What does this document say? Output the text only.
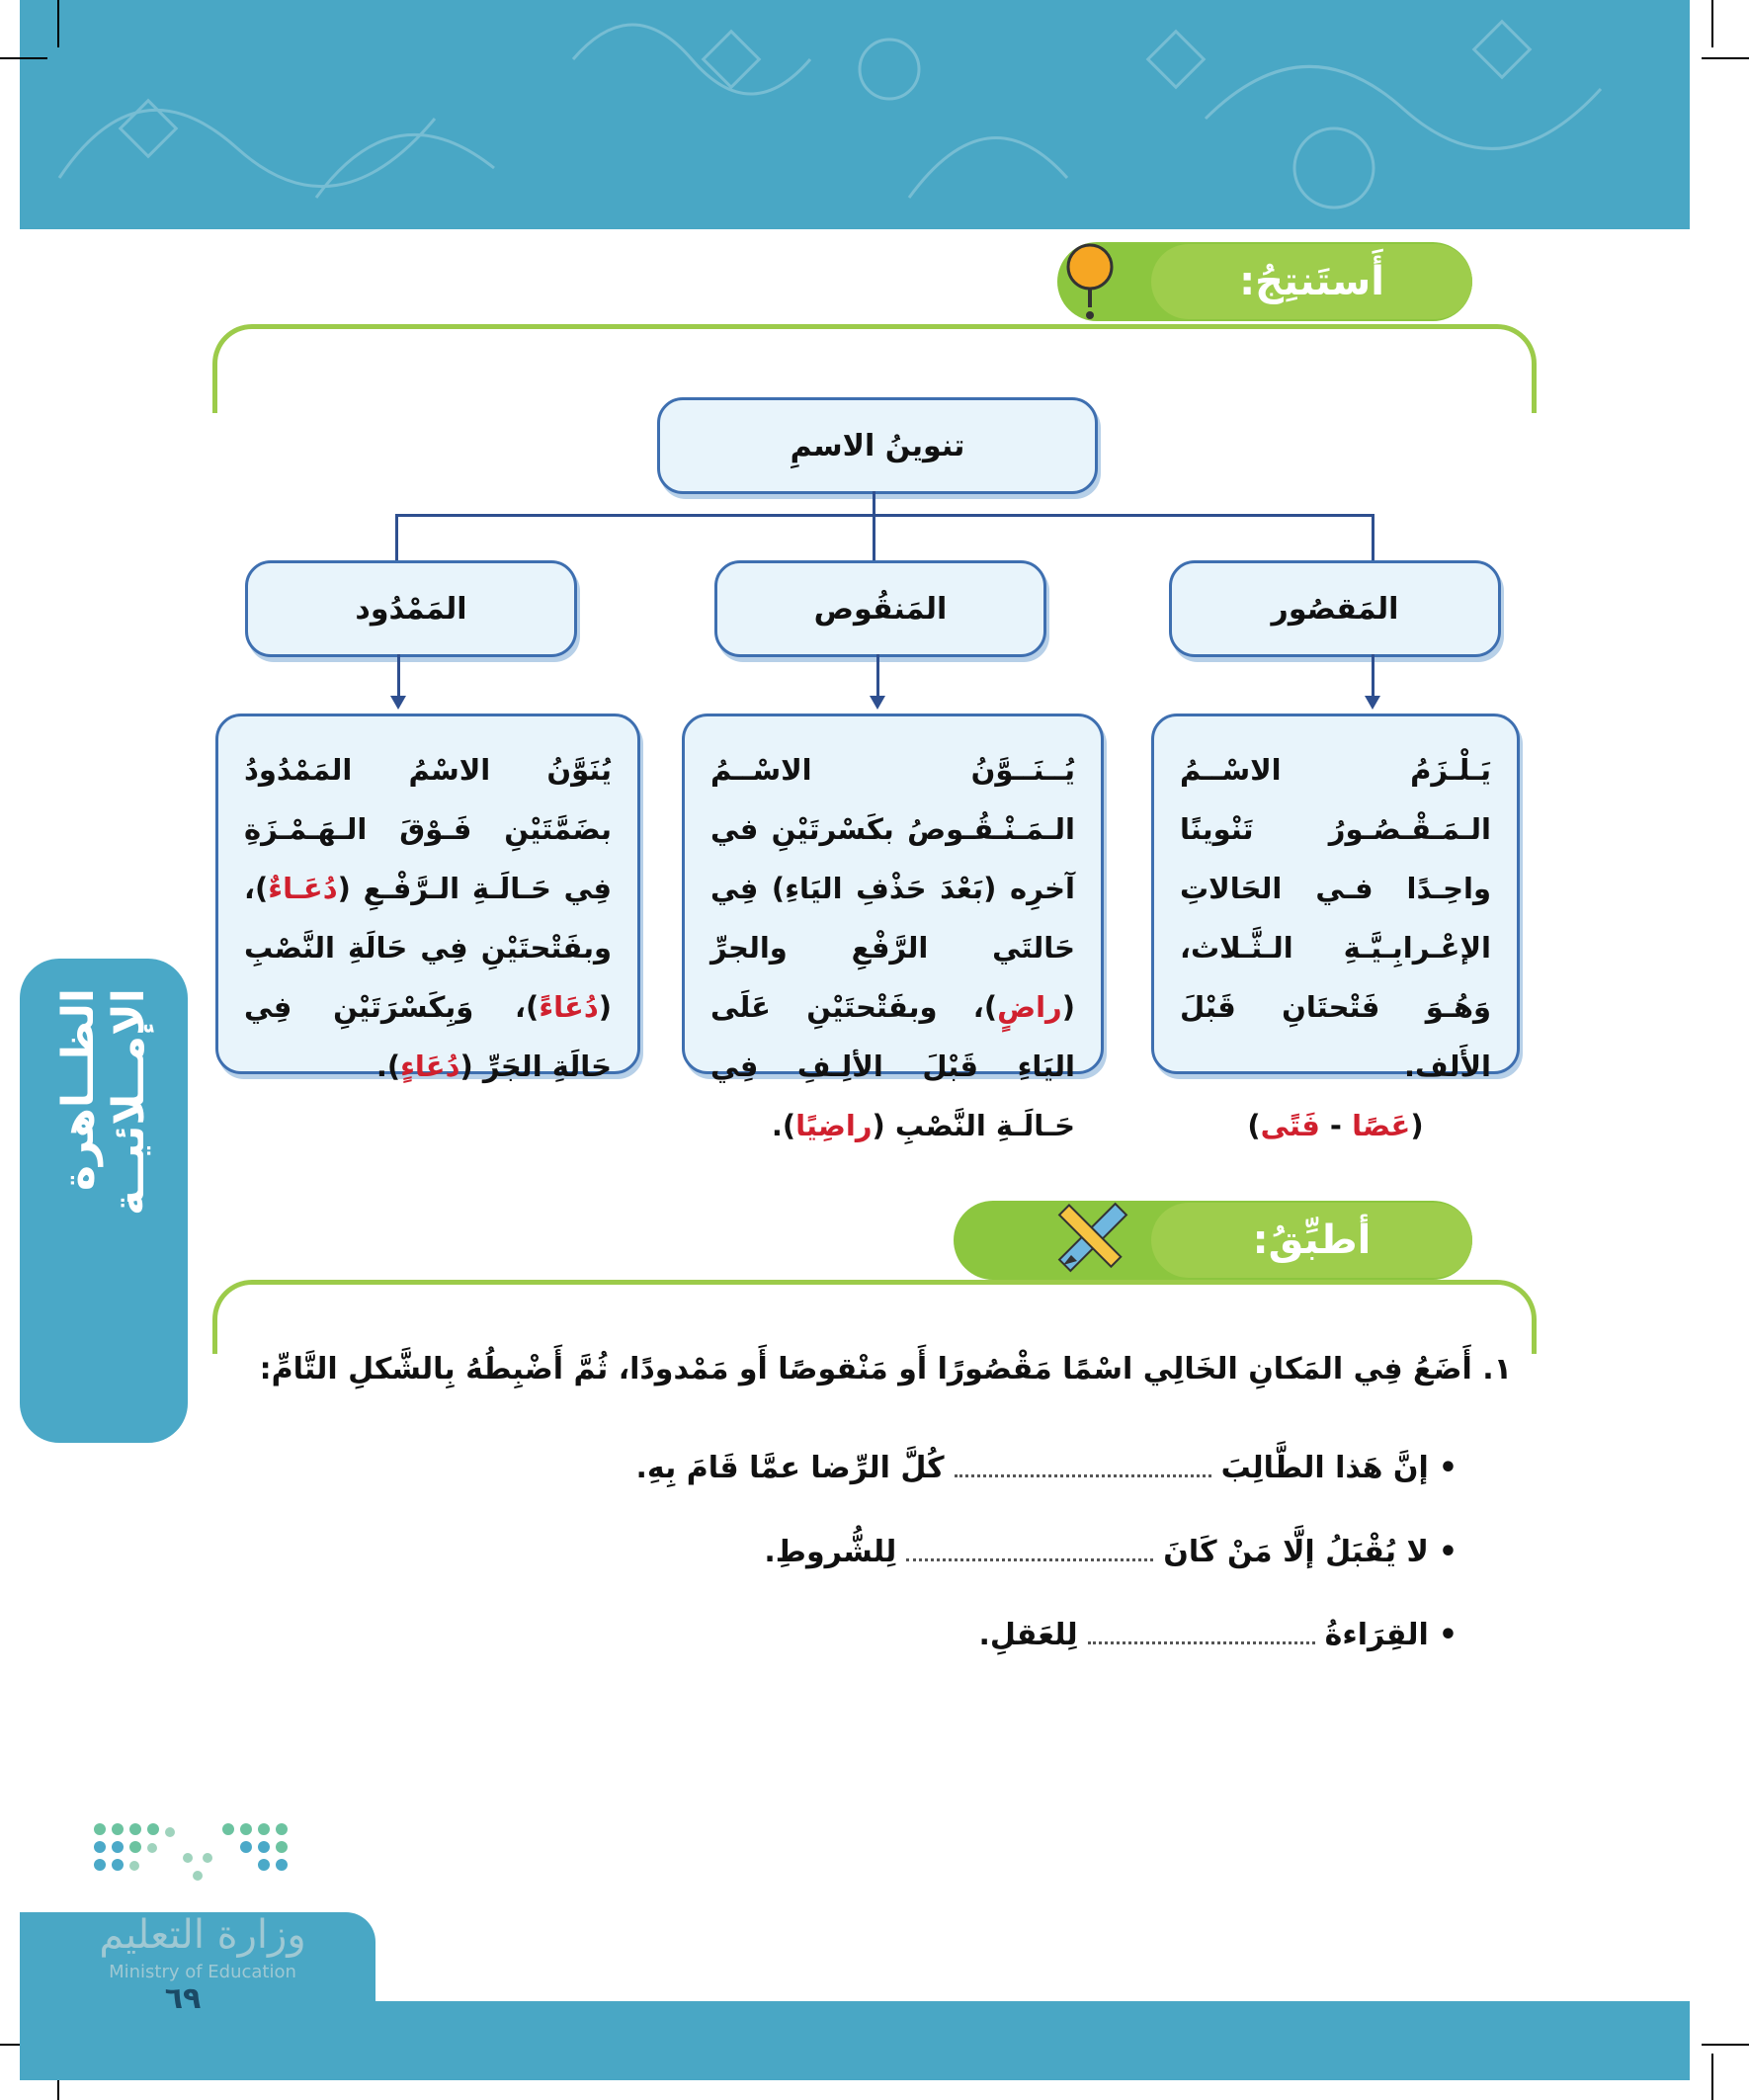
الظــاهرة الإمــلائيــة
أَستَنتِجُ:
تنوينُ الاسمِ
المَقصُور
المَنقُوص
المَمْدُود
يَـلْـزَمُ الاسْــمُ الـمَـقْـصُـورُ تَنْوينًا واحِـدًا فـي الحَالاتِ الإعْـرابِـيَّـةِ الـثَّـلاث، وَهُـوَ فَتْحتَانِ قَبْلَ الأَلف.
(عَصًا - فَتًى)
يُــنَــوَّنُ الاسْــمُ الـمَـنْـقُـوصُ بكَسْرتَيْنِ في آخرِه (بَعْدَ حَذْفِ اليَاءِ) فِي حَالتَي الرَّفْعِ والجرِّ (راضٍ)، وبفَتْحتَيْنِ عَلَى اليَاءِ قَبْلَ الألِـفِ فِي حَـالَـةِ النَّصْبِ (راضِيًا).
يُنَوَّنُ الاسْمُ المَمْدُودُ بضَمَّتَيْنِ فَـوْقَ الـهَـمْـزَةِ فِي حَـالَـةِ الـرَّفْـعِ (دُعَـاءٌ)، وبفَتْحتَيْنِ فِي حَالَةِ النَّصْبِ (دُعَاءً)، وَبِكَسْرَتَيْنِ فِي حَالَةِ الجَرِّ (دُعَاءٍ).
أطبِّقُ:
١. أَضَعُ فِي المَكانِ الخَالِي اسْمًا مَقْصُورًا أَو مَنْقوصًا أَو مَمْدودًا، ثُمَّ أَضْبِطُهُ بِالشَّكلِ التَّامِّ:
•
إنَّ هَذا الطَّالِبَ
كُلَّ الرِّضا عمَّا قَامَ بِهِ.
•
لا يُقْبَلُ إلَّا مَنْ كَانَ
لِلشُّروطِ.
•
القِرَاءةُ
لِلعَقلِ.
وزارة التعليم
Ministry of Education
٦٩
